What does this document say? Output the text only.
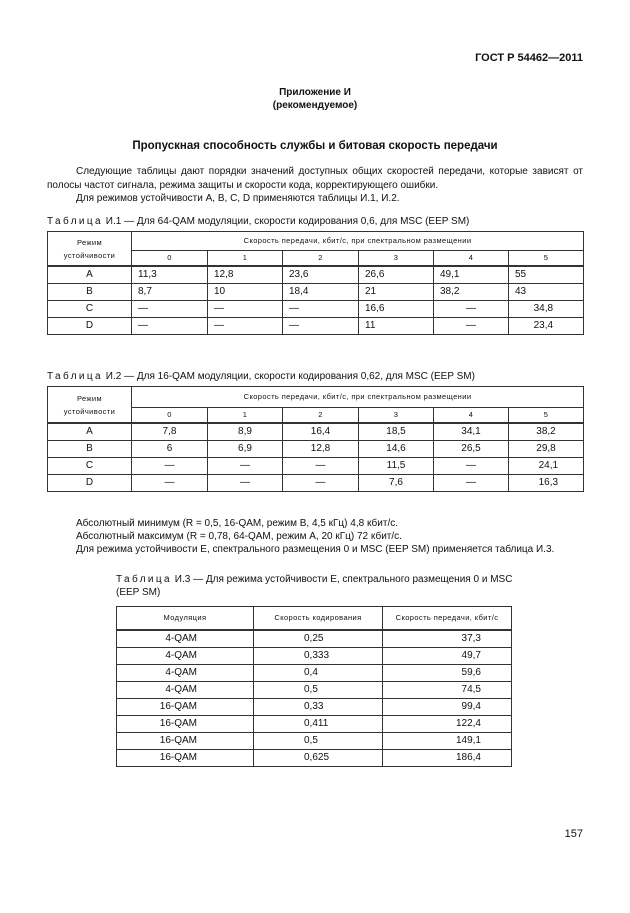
ГОСТ Р 54462—2011
Приложение И
(рекомендуемое)
Пропускная способность службы и битовая скорость передачи

Следующие таблицы дают порядки значений доступных общих скоростей передачи, которые зависят от полосы частот сигнала, режима защиты и скорости кода, корректирующего ошибки.

Для режимов устойчивости A, B, C, D применяются таблицы И.1, И.2.

Таблица И.1 — Для 64-QAM модуляции, скорости кодирования 0,6, для MSC (EEP SM)
Режим устойчивости	Скорость передачи, кбит/с, при спектральном размещении					
	0	1	2	3	4	5
A	11,3	12,8	23,6	26,6	49,1	55
B	8,7	10	18,4	21	38,2	43
C	—	—	—	16,6	—	34,8
D	—	—	—	11	—	23,4
Таблица И.2 — Для 16-QAM модуляции, скорости кодирования 0,62, для MSC (EEP SM)
Режим устойчивости	Скорость передачи, кбит/с, при спектральном размещении					
	0	1	2	3	4	5
A	7,8	8,9	16,4	18,5	34,1	38,2
B	6	6,9	12,8	14,6	26,5	29,8
C	—	—	—	11,5	—	24,1
D	—	—	—	7,6	—	16,3
Абсолютный минимум (R = 0,5, 16-QAM, режим B, 4,5 кГц) 4,8 кбит/с.
Абсолютный максимум (R = 0,78, 64-QAM, режим A, 20 кГц) 72 кбит/с.
Для режима устойчивости E, спектрального размещения 0 и MSC (EEP SM) применяется таблица И.3.
Таблица И.3 — Для режима устойчивости E, спектрального размещения 0 и MSC (EEP SM)
Модуляция	Скорость кодирования	Скорость передачи, кбит/с
4-QAM	0,25	37,3
4-QAM	0,333	49,7
4-QAM	0,4	59,6
4-QAM	0,5	74,5
16-QAM	0,33	99,4
16-QAM	0,411	122,4
16-QAM	0,5	149,1
16-QAM	0,625	186,4
157
